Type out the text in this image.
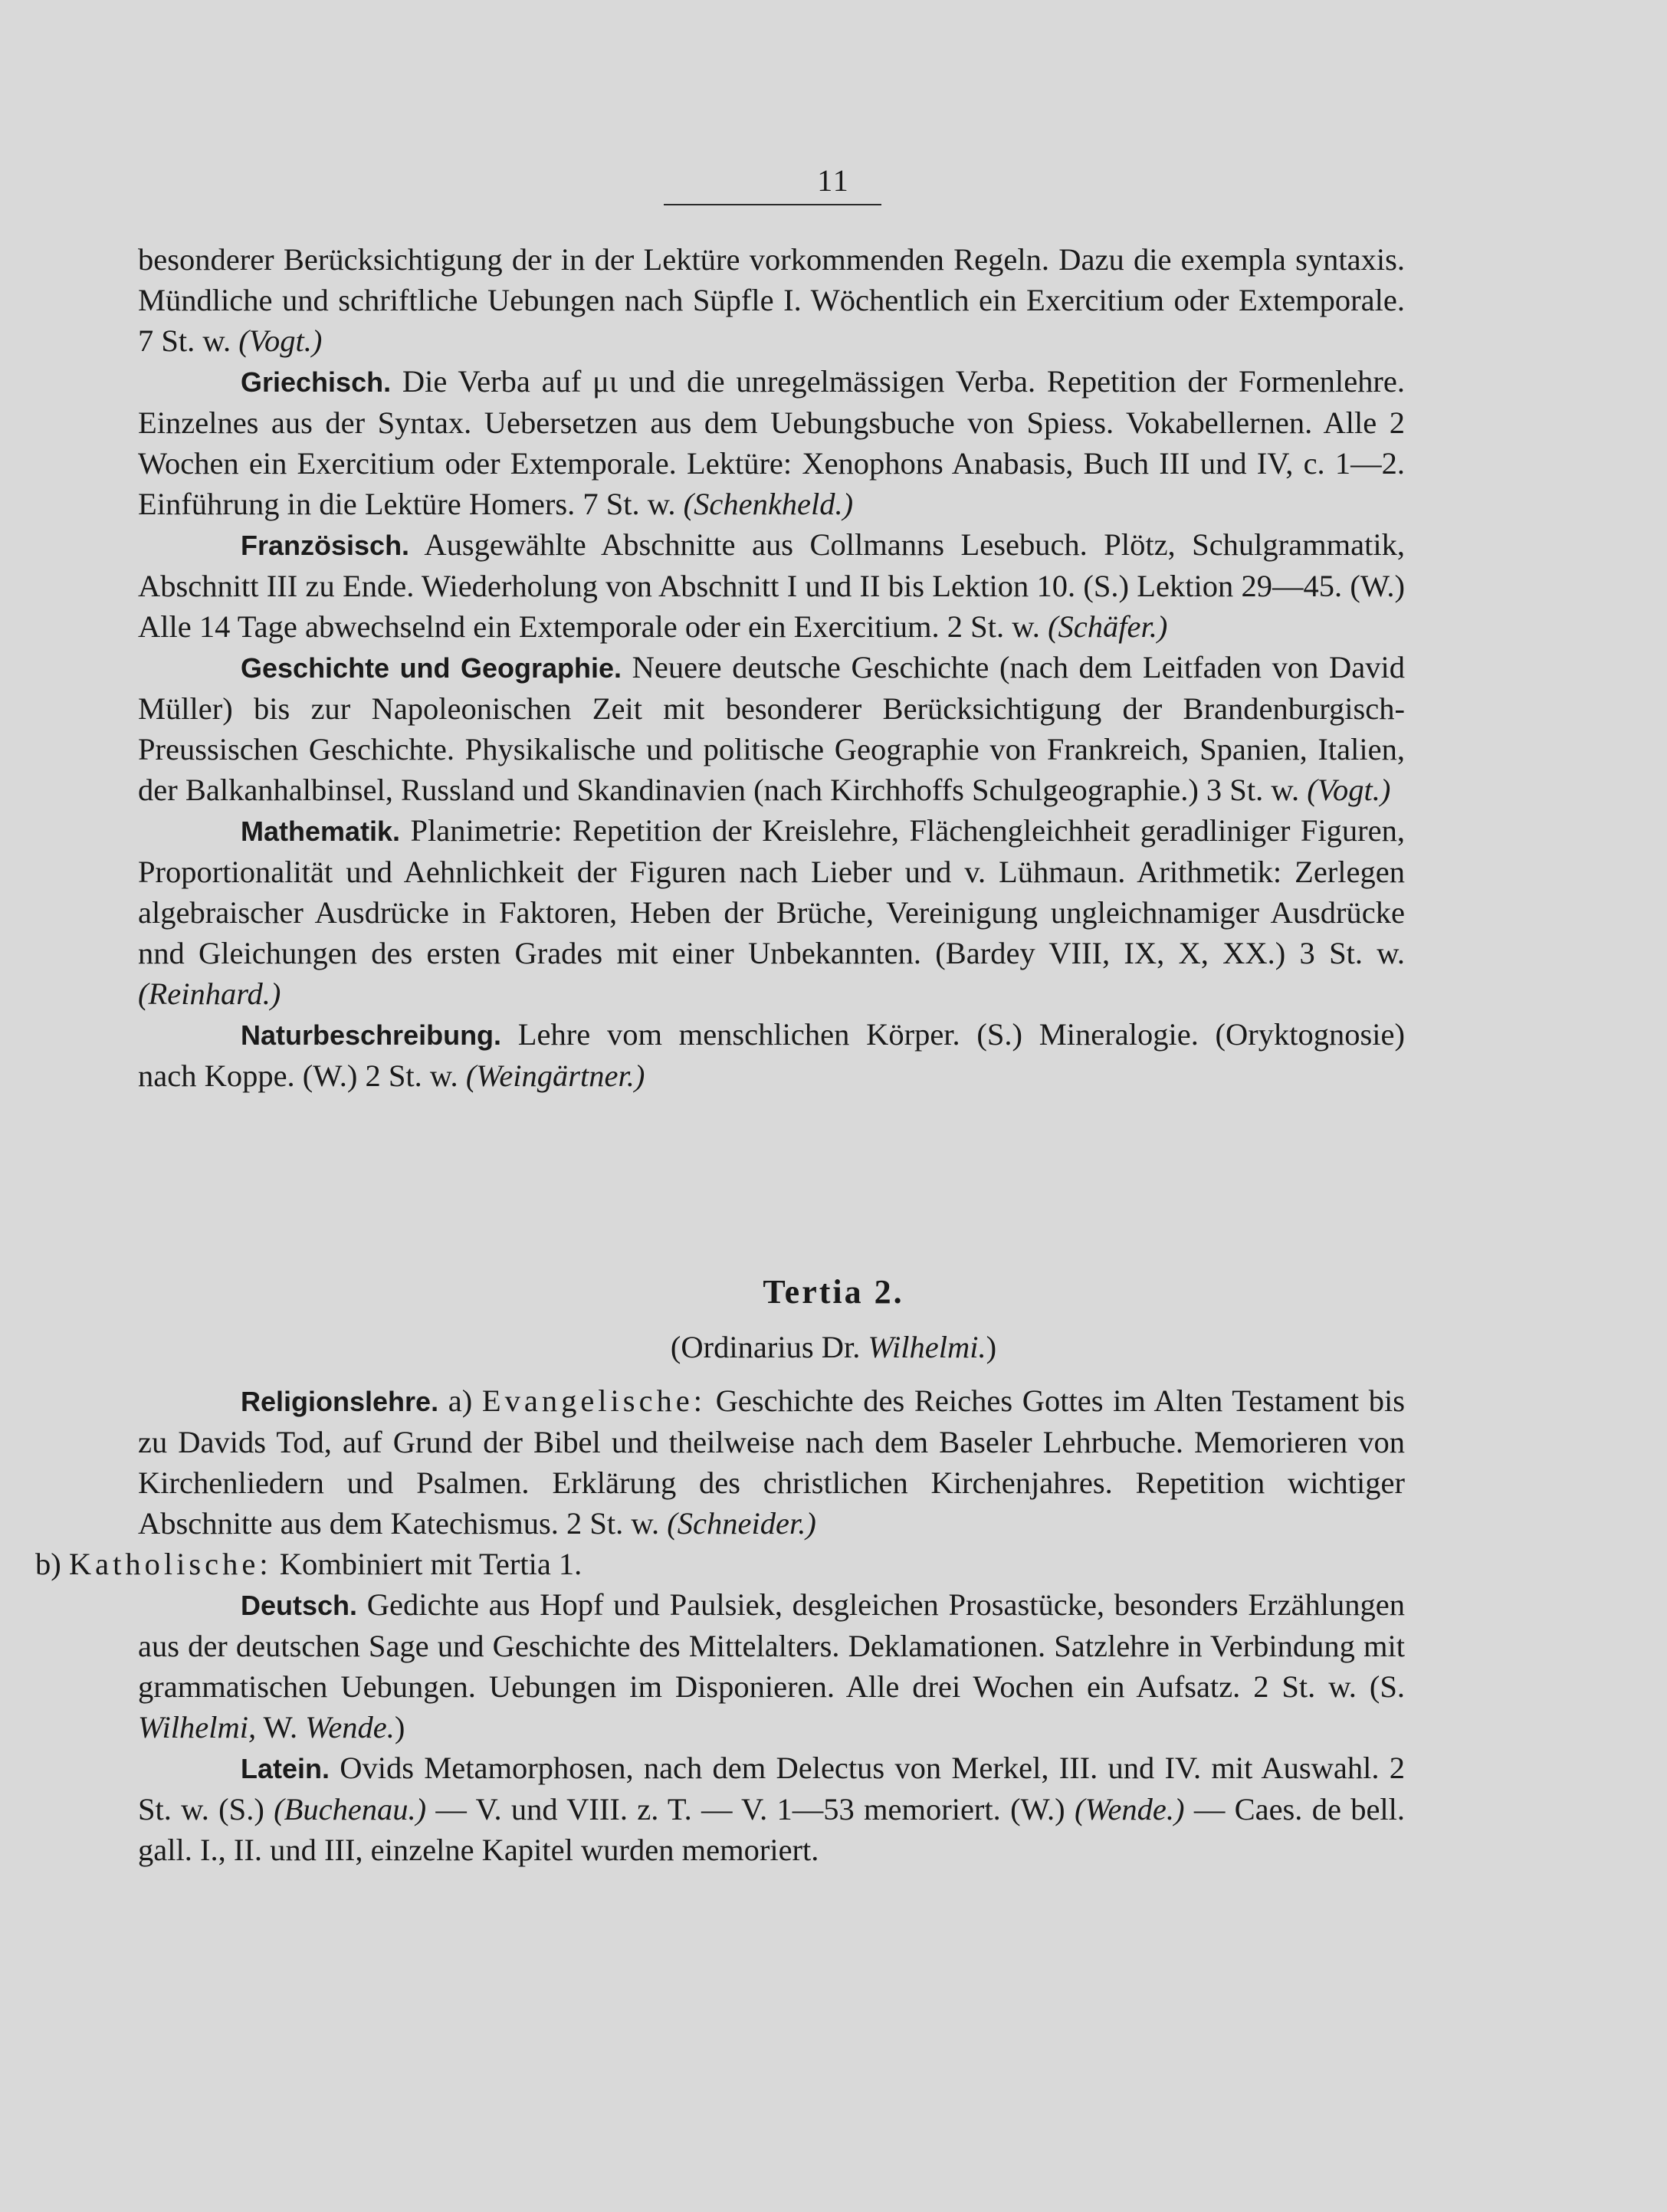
11

besonderer Berücksichtigung der in der Lektüre vorkommenden Regeln. Dazu die exempla syntaxis. Mündliche und schriftliche Uebungen nach Süpfle I. Wöchentlich ein Exercitium oder Extemporale. 7 St. w. (Vogt.)

Griechisch. Die Verba auf μι und die unregelmässigen Verba. Repetition der Formenlehre. Einzelnes aus der Syntax. Uebersetzen aus dem Uebungsbuche von Spiess. Vokabellernen. Alle 2 Wochen ein Exercitium oder Extemporale. Lektüre: Xenophons Anabasis, Buch III und IV, c. 1—2. Einführung in die Lektüre Homers. 7 St. w. (Schenkheld.)

Französisch. Ausgewählte Abschnitte aus Collmanns Lesebuch. Plötz, Schulgrammatik, Abschnitt III zu Ende. Wiederholung von Abschnitt I und II bis Lektion 10. (S.) Lektion 29—45. (W.) Alle 14 Tage abwechselnd ein Extemporale oder ein Exercitium. 2 St. w. (Schäfer.)

Geschichte und Geographie. Neuere deutsche Geschichte (nach dem Leitfaden von David Müller) bis zur Napoleonischen Zeit mit besonderer Berücksichtigung der Brandenburgisch-Preussischen Geschichte. Physikalische und politische Geographie von Frankreich, Spanien, Italien, der Balkanhalbinsel, Russland und Skandinavien (nach Kirchhoffs Schulgeographie.) 3 St. w. (Vogt.)

Mathematik. Planimetrie: Repetition der Kreislehre, Flächengleichheit geradliniger Figuren, Proportionalität und Aehnlichkeit der Figuren nach Lieber und v. Lühmaun. Arithmetik: Zerlegen algebraischer Ausdrücke in Faktoren, Heben der Brüche, Vereinigung ungleichnamiger Ausdrücke nnd Gleichungen des ersten Grades mit einer Unbekannten. (Bardey VIII, IX, X, XX.) 3 St. w. (Reinhard.)

Naturbeschreibung. Lehre vom menschlichen Körper. (S.) Mineralogie. (Oryktognosie) nach Koppe. (W.) 2 St. w. (Weingärtner.)

Tertia 2.
(Ordinarius Dr. Wilhelmi.)

Religionslehre. a) Evangelische: Geschichte des Reiches Gottes im Alten Testament bis zu Davids Tod, auf Grund der Bibel und theilweise nach dem Baseler Lehrbuche. Memorieren von Kirchenliedern und Psalmen. Erklärung des christlichen Kirchenjahres. Repetition wichtiger Abschnitte aus dem Katechismus. 2 St. w. (Schneider.)
b) Katholische: Kombiniert mit Tertia 1.

Deutsch. Gedichte aus Hopf und Paulsiek, desgleichen Prosastücke, besonders Erzählungen aus der deutschen Sage und Geschichte des Mittelalters. Deklamationen. Satzlehre in Verbindung mit grammatischen Uebungen. Uebungen im Disponieren. Alle drei Wochen ein Aufsatz. 2 St. w. (S. Wilhelmi, W. Wende.)

Latein. Ovids Metamorphosen, nach dem Delectus von Merkel, III. und IV. mit Auswahl. 2 St. w. (S.) (Buchenau.) — V. und VIII. z. T. — V. 1—53 memoriert. (W.) (Wende.) — Caes. de bell. gall. I., II. und III, einzelne Kapitel wurden memoriert.
